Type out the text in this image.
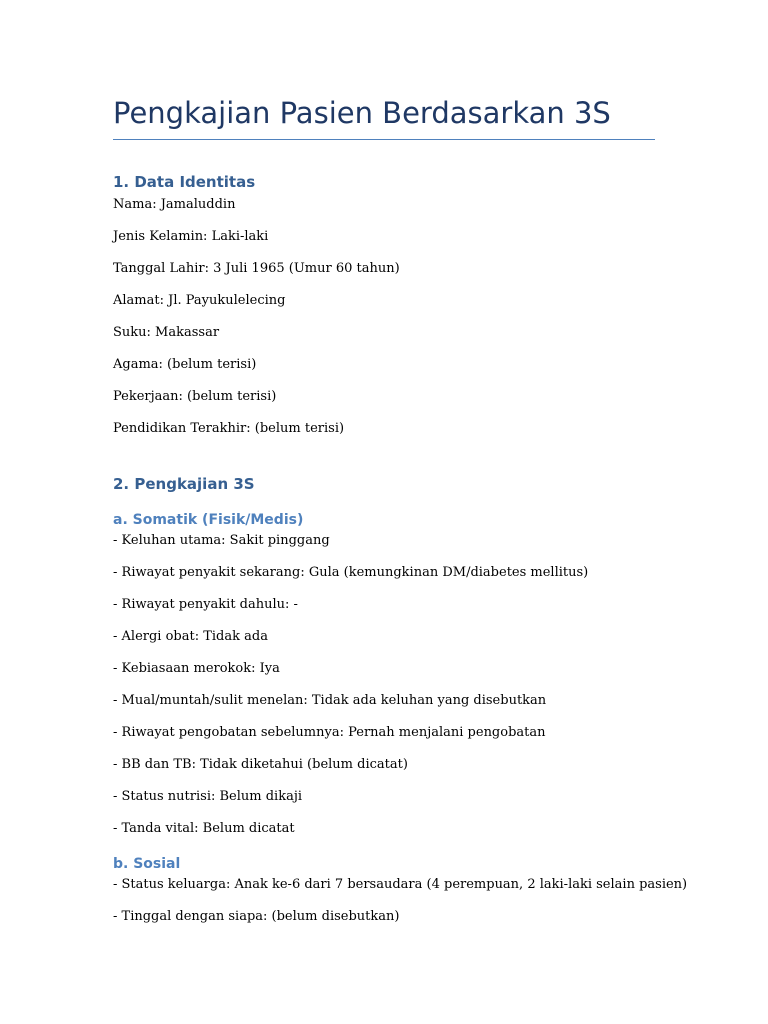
Pengkajian Pasien Berdasarkan 3S
1. Data Identitas

Nama: Jamaluddin

Jenis Kelamin: Laki-laki

Tanggal Lahir: 3 Juli 1965 (Umur 60 tahun)

Alamat: Jl. Payukulelecing

Suku: Makassar

Agama: (belum terisi)

Pekerjaan: (belum terisi)

Pendidikan Terakhir: (belum terisi)

2. Pengkajian 3S
a. Somatik (Fisik/Medis)

- Keluhan utama: Sakit pinggang

- Riwayat penyakit sekarang: Gula (kemungkinan DM/diabetes mellitus)

- Riwayat penyakit dahulu: -

- Alergi obat: Tidak ada

- Kebiasaan merokok: Iya

- Mual/muntah/sulit menelan: Tidak ada keluhan yang disebutkan

- Riwayat pengobatan sebelumnya: Pernah menjalani pengobatan

- BB dan TB: Tidak diketahui (belum dicatat)

- Status nutrisi: Belum dikaji

- Tanda vital: Belum dicatat

b. Sosial

- Status keluarga: Anak ke-6 dari 7 bersaudara (4 perempuan, 2 laki-laki selain pasien)

- Tinggal dengan siapa: (belum disebutkan)
